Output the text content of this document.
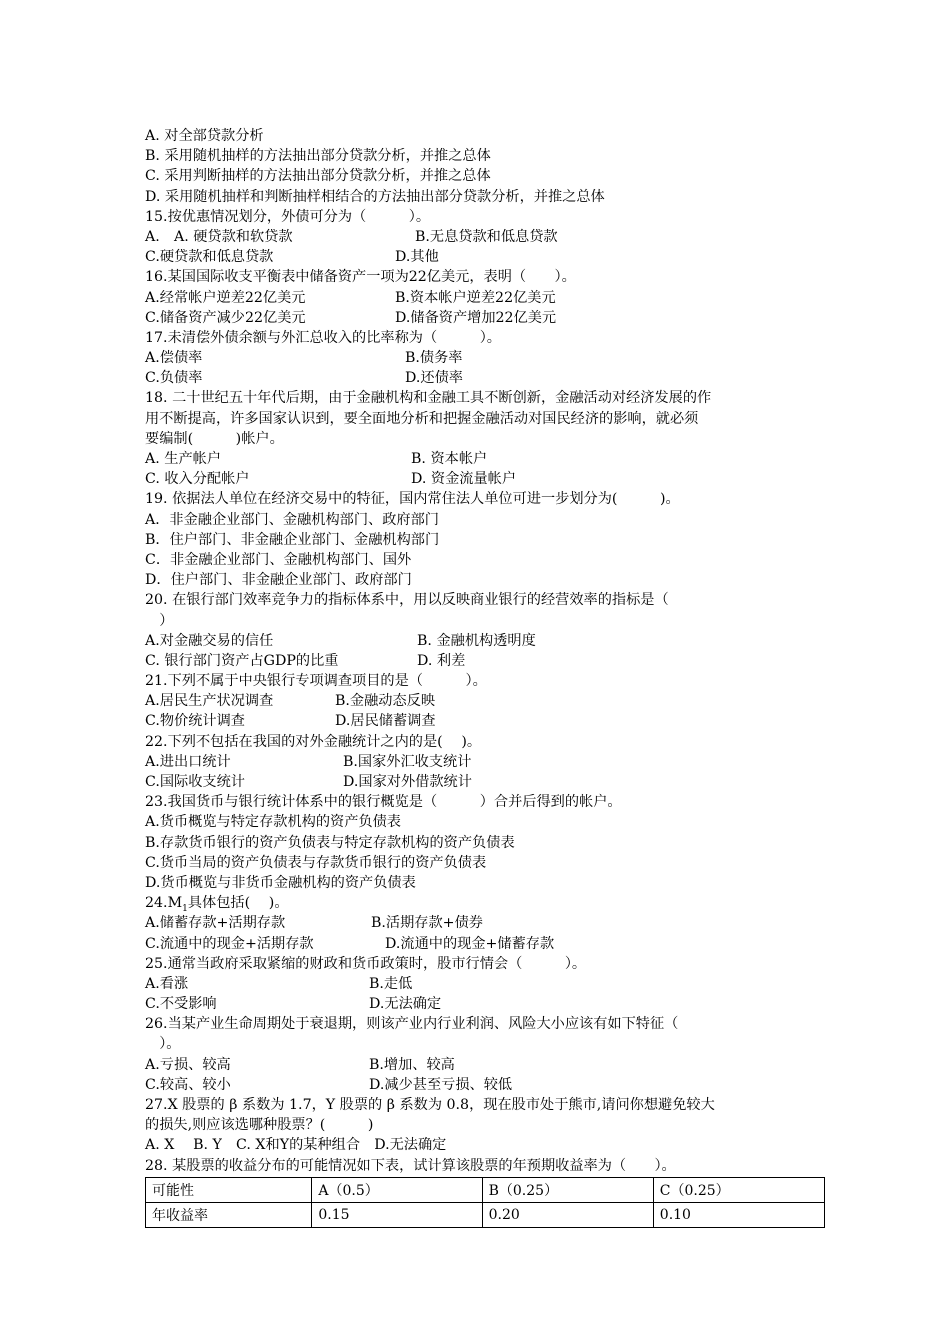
A. 对全部贷款分析
B. 采用随机抽样的方法抽出部分贷款分析，并推之总体
C. 采用判断抽样的方法抽出部分贷款分析，并推之总体
D. 采用随机抽样和判断抽样相结合的方法抽出部分贷款分析，并推之总体
15.按优惠情况划分，外债可分为（　　　）。
A.　A. 硬贷款和软贷款	B.无息贷款和低息贷款
C.硬贷款和低息贷款	D.其他
16.某国国际收支平衡表中储备资产一项为22亿美元，表明（　　）。
A.经常帐户逆差22亿美元	B.资本帐户逆差22亿美元
C.储备资产减少22亿美元	D.储备资产增加22亿美元
17.未清偿外债余额与外汇总收入的比率称为（　　　）。
A.偿债率	B.债务率
C.负债率	D.还债率
18. 二十世纪五十年代后期，由于金融机构和金融工具不断创新，金融活动对经济发展的作
用不断提高，许多国家认识到，要全面地分析和把握金融活动对国民经济的影响，就必须
要编制(　　　)帐户。
A. 生产帐户	B. 资本帐户
C. 收入分配帐户	D. 资金流量帐户
19. 依据法人单位在经济交易中的特征，国内常住法人单位可进一步划分为(　　　)。
A．非金融企业部门、金融机构部门、政府部门
B．住户部门、非金融企业部门、金融机构部门
C．非金融企业部门、金融机构部门、国外
D．住户部门、非金融企业部门、政府部门
20. 在银行部门效率竞争力的指标体系中，用以反映商业银行的经营效率的指标是（
　）
A.对金融交易的信任	B. 金融机构透明度
C. 银行部门资产占GDP的比重	D. 利差
21.下列不属于中央银行专项调查项目的是（　　　）。
A.居民生产状况调查	B.金融动态反映
C.物价统计调查	D.居民储蓄调查
22.下列不包括在我国的对外金融统计之内的是(　 )。
A.进出口统计	B.国家外汇收支统计
C.国际收支统计	D.国家对外借款统计
23.我国货币与银行统计体系中的银行概览是（　　　）合并后得到的帐户。
A.货币概览与特定存款机构的资产负债表
B.存款货币银行的资产负债表与特定存款机构的资产负债表
C.货币当局的资产负债表与存款货币银行的资产负债表
D.货币概览与非货币金融机构的资产负债表
$24.M_1$具体包括(　 )。
A.储蓄存款+活期存款	B.活期存款+债券
C.流通中的现金+活期存款	D.流通中的现金+储蓄存款
25.通常当政府采取紧缩的财政和货币政策时，股市行情会（　　　）。
A.看涨	B.走低
C.不受影响	D.无法确定
26.当某产业生命周期处于衰退期，则该产业内行业利润、风险大小应该有如下特征（
　）。
A.亏损、较高	B.增加、较高
C.较高、较小	D.减少甚至亏损、较低
27.X 股票的 β 系数为 1.7，Y 股票的 β 系数为 0.8，现在股市处于熊市,请问你想避免较大
的损失,则应该选哪种股票？(　　　)
A. X　 B. Y　C. X和Y的某种组合　D.无法确定
28. 某股票的收益分布的可能情况如下表，试计算该股票的年预期收益率为（　　）。
可能性	A（0.5）	B（0.25）	C（0.25）
年收益率	0.15	0.20	0.10
